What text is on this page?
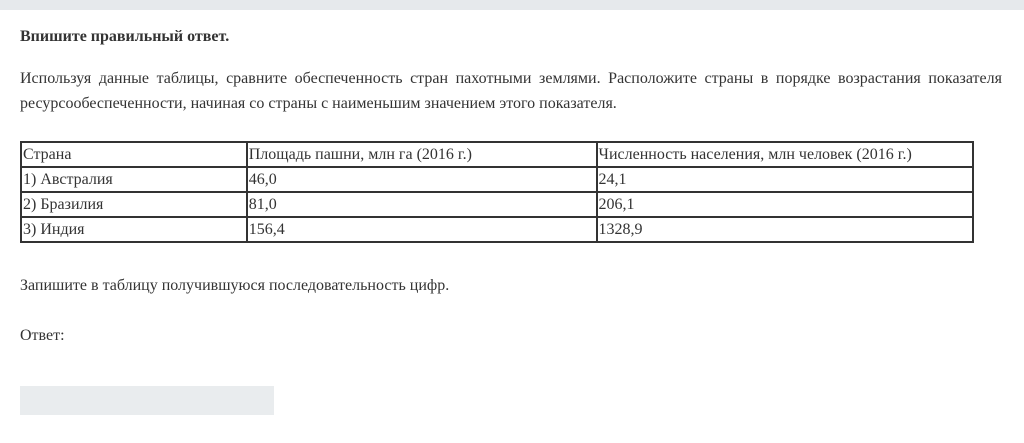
Впишите правильный ответ.
Используя данные таблицы, сравните обеспеченность стран пахотными землями. Расположите страны в порядке возрастания показателя ресурсообеспеченности, начиная со страны с наименьшим значением этого показателя.
Страна	Площадь пашни, млн га (2016 г.)	Численность населения, млн человек (2016 г.)
1) Австралия	46,0	24,1
2) Бразилия	81,0	206,1
3) Индия	156,4	1328,9
Запишите в таблицу получившуюся последовательность цифр.
Ответ:
